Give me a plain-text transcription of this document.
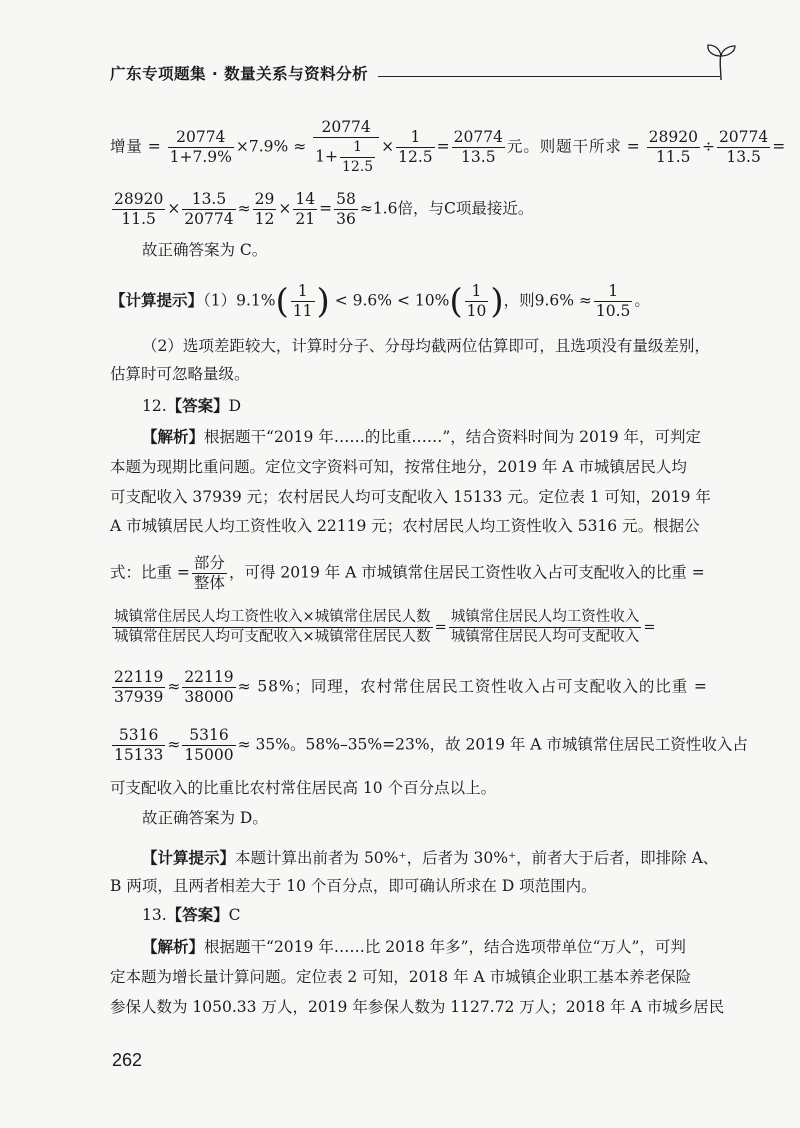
广东专项题集 · 数量关系与资料分析
增量 = $\frac{20774}{1+7.9\%} \times 7.9\% \approx \frac{20774}{1+ \frac{1}{12.5}} \times \frac{1}{12.5} = \frac{20774}{13.5}$ 元。则题干所求 = $\frac{28920}{11.5} \div \frac{20774}{13.5}$ =
$\frac{28920}{11.5} \times \frac{13.5}{20774} \approx \frac{29}{12} \times \frac{14}{21} = \frac{58}{36} \approx 1.6$倍，与C项最接近。
故正确答案为 C。
【计算提示】$(1)9.1\%( \frac{1}{11}$ ) < $9.6\% < 10\%( \frac{1}{10}$ )，则$9.6\% \approx \frac{1}{10.5}$ 。
（2）选项差距较大，计算时分子、分母均截两位估算即可，且选项没有量级差别，
估算时可忽略量级。
12.【答案】D
【解析】根据题干“2019 年……的比重……”，结合资料时间为 2019 年，可判定
本题为现期比重问题。定位文字资料可知，按常住地分，2019 年 A 市城镇居民人均
可支配收入 37939 元；农村居民人均可支配收入 15133 元。定位表 1 可知，2019 年
A 市城镇居民人均工资性收入 22119 元；农村居民人均工资性收入 5316 元。根据公
式：比重 = $\frac{\text{部分}}{\text{整体}}$ ，可得 2019 年 A 市城镇常住居民工资性收入占可支配收入的比重 =
$\frac{\text{城镇常住居民人均工资性收入×城镇常住居民人数}}{\text{城镇常住居民人均可支配收入×城镇常住居民人数}} = \frac{\text{城镇常住居民人均工资性收入}}{\text{城镇常住居民人均可支配收入}}$ =
$\frac{22119}{37939} \approx \frac{22119}{38000} \approx 58\%$；同理，农村常住居民工资性收入占可支配收入的比重 =
$\frac{5316}{15133} \approx \frac{5316}{15000} \approx 35\%$。58%–35%=23%，故 2019 年 A 市城镇常住居民工资性收入占
可支配收入的比重比农村常住居民高 10 个百分点以上。
故正确答案为 D。
【计算提示】本题计算出前者为 50%⁺，后者为 30%⁺，前者大于后者，即排除 A、
B 两项，且两者相差大于 10 个百分点，即可确认所求在 D 项范围内。
13.【答案】C
【解析】根据题干“2019 年……比 2018 年多”，结合选项带单位“万人”，可判
定本题为增长量计算问题。定位表 2 可知，2018 年 A 市城镇企业职工基本养老保险
参保人数为 1050.33 万人，2019 年参保人数为 1127.72 万人；2018 年 A 市城乡居民
262
